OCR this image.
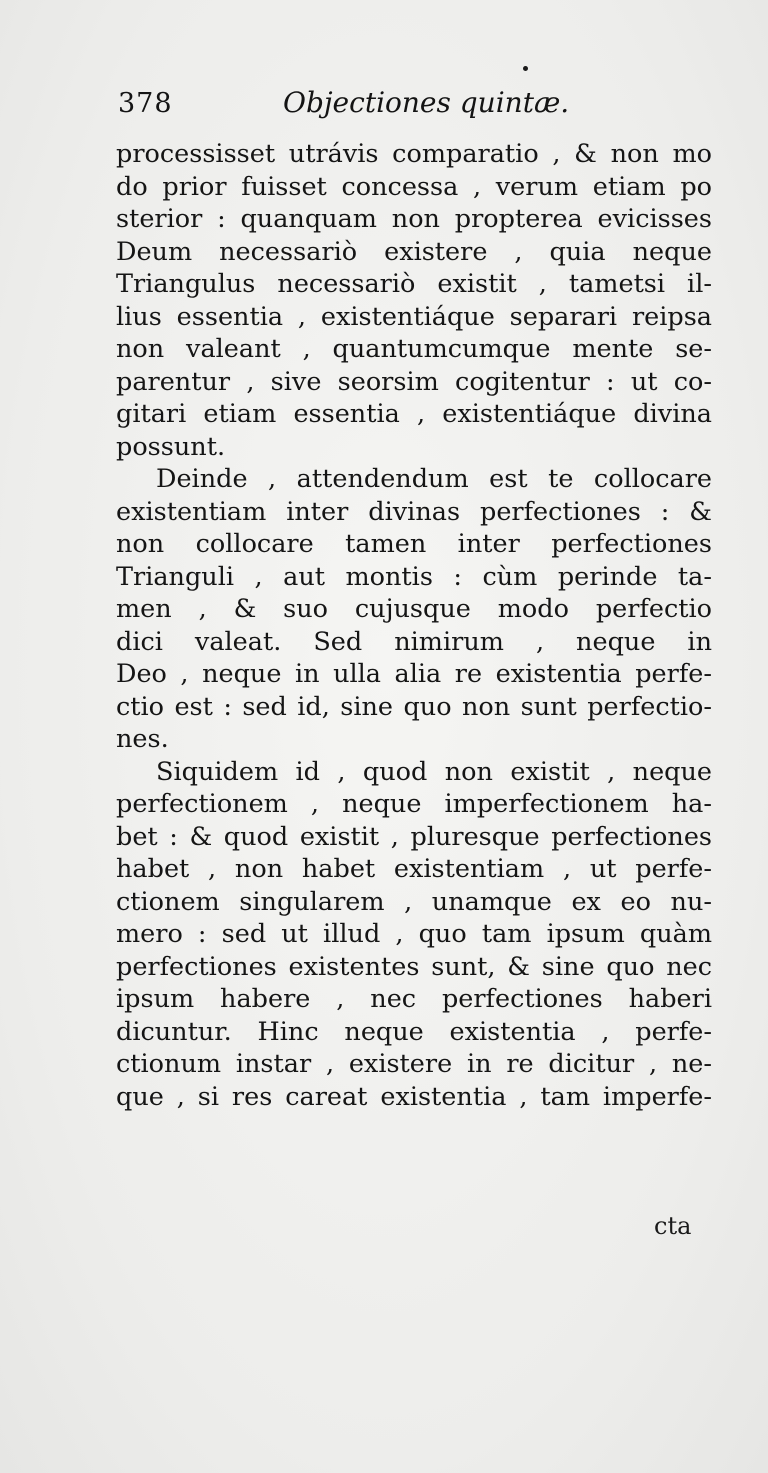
378	Objectiones quintæ.
processisset utrávis comparatio , & non mo
do prior fuisset concessa , verum etiam po
sterior : quanquam non propterea evicisses
Deum necessariò existere , quia neque
Triangulus necessariò existit , tametsi il-
lius essentia , existentiáque separari reipsa
non valeant , quantumcumque mente se-
parentur , sive seorsim cogitentur : ut co-
gitari etiam essentia , existentiáque divina
possunt.
Deinde , attendendum est te collocare
existentiam inter divinas perfectiones : &
non collocare tamen inter perfectiones
Trianguli , aut montis : cùm perinde ta-
men , & suo cujusque modo perfectio
dici valeat. Sed nimirum , neque in
Deo , neque in ulla alia re existentia perfe-
ctio est : sed id, sine quo non sunt perfectio-
nes.
Siquidem id , quod non existit , neque
perfectionem , neque imperfectionem ha-
bet : & quod existit , pluresque perfectiones
habet , non habet existentiam , ut perfe-
ctionem singularem , unamque ex eo nu-
mero : sed ut illud , quo tam ipsum quàm
perfectiones existentes sunt, & sine quo nec
ipsum habere , nec perfectiones haberi
dicuntur. Hinc neque existentia , perfe-
ctionum instar , existere in re dicitur , ne-
que , si res careat existentia , tam imperfe-
cta
